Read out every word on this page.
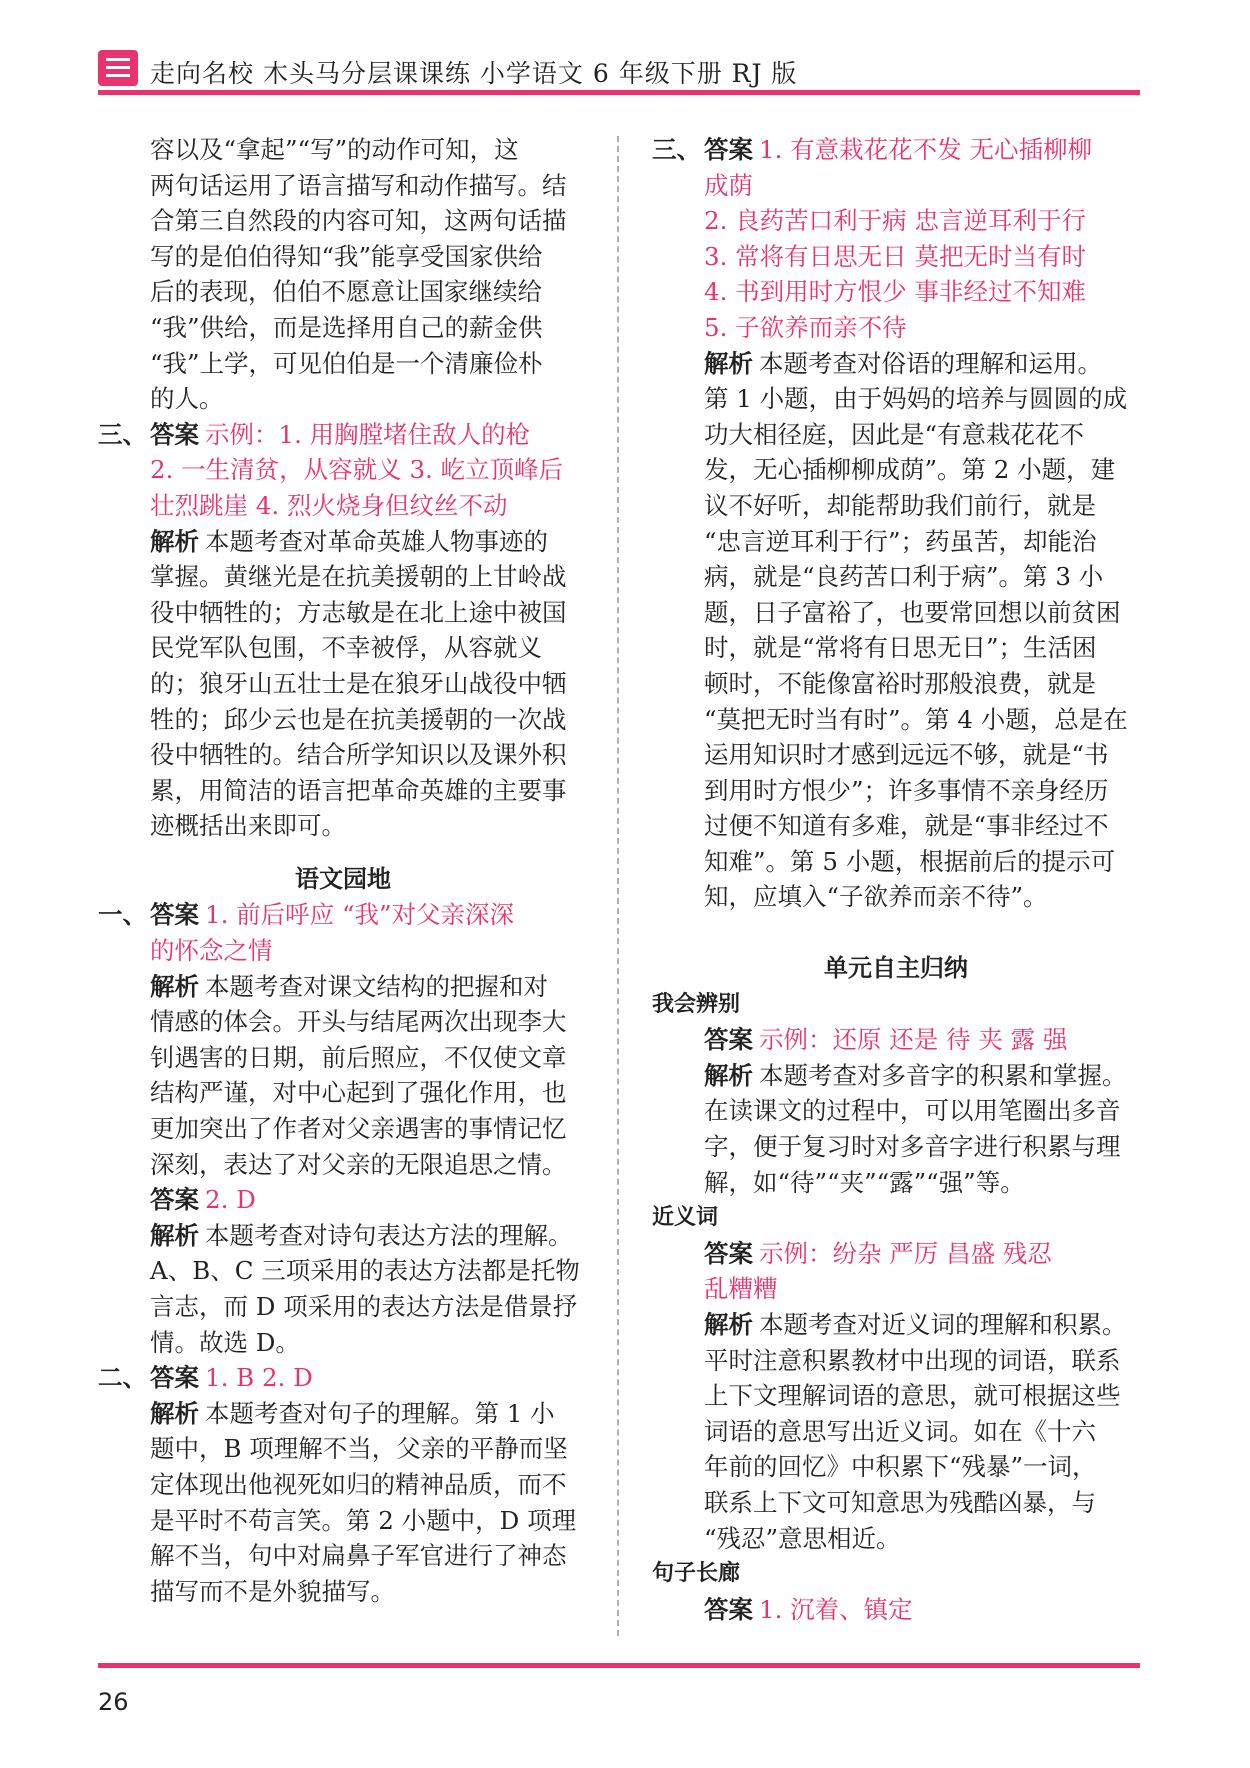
走向名校 木头马分层课课练 小学语文 6 年级下册 RJ 版
容以及“拿起”“写”的动作可知，这
两句话运用了语言描写和动作描写。结
合第三自然段的内容可知，这两句话描
写的是伯伯得知“我”能享受国家供给
后的表现，伯伯不愿意让国家继续给
“我”供给，而是选择用自己的薪金供
“我”上学，可见伯伯是一个清廉俭朴
的人。
三、 答案 示例：1. 用胸膛堵住敌人的枪
2. 一生清贫，从容就义 3. 屹立顶峰后
壮烈跳崖 4. 烈火烧身但纹丝不动
解析 本题考查对革命英雄人物事迹的
掌握。黄继光是在抗美援朝的上甘岭战
役中牺牲的；方志敏是在北上途中被国
民党军队包围，不幸被俘，从容就义
的；狼牙山五壮士是在狼牙山战役中牺
牲的；邱少云也是在抗美援朝的一次战
役中牺牲的。结合所学知识以及课外积
累，用简洁的语言把革命英雄的主要事
迹概括出来即可。
语文园地
一、 答案 1. 前后呼应 “我”对父亲深深
的怀念之情
解析 本题考查对课文结构的把握和对
情感的体会。开头与结尾两次出现李大
钊遇害的日期，前后照应，不仅使文章
结构严谨，对中心起到了强化作用，也
更加突出了作者对父亲遇害的事情记忆
深刻，表达了对父亲的无限追思之情。
答案 2. D
解析 本题考查对诗句表达方法的理解。
A、B、C 三项采用的表达方法都是托物
言志，而 D 项采用的表达方法是借景抒
情。故选 D。
二、 答案 1. B 2. D
解析 本题考查对句子的理解。第 1 小
题中，B 项理解不当，父亲的平静而坚
定体现出他视死如归的精神品质，而不
是平时不苟言笑。第 2 小题中，D 项理
解不当，句中对扁鼻子军官进行了神态
描写而不是外貌描写。
三、 答案 1. 有意栽花花不发 无心插柳柳
成荫
2. 良药苦口利于病 忠言逆耳利于行
3. 常将有日思无日 莫把无时当有时
4. 书到用时方恨少 事非经过不知难
5. 子欲养而亲不待
解析 本题考查对俗语的理解和运用。
第 1 小题，由于妈妈的培养与圆圆的成
功大相径庭，因此是“有意栽花花不
发，无心插柳柳成荫”。第 2 小题，建
议不好听，却能帮助我们前行，就是
“忠言逆耳利于行”；药虽苦，却能治
病，就是“良药苦口利于病”。第 3 小
题，日子富裕了，也要常回想以前贫困
时，就是“常将有日思无日”；生活困
顿时，不能像富裕时那般浪费，就是
“莫把无时当有时”。第 4 小题，总是在
运用知识时才感到远远不够，就是“书
到用时方恨少”；许多事情不亲身经历
过便不知道有多难，就是“事非经过不
知难”。第 5 小题，根据前后的提示可
知，应填入“子欲养而亲不待”。
单元自主归纳
我会辨别
答案 示例：还原 还是 待 夹 露 强
解析 本题考查对多音字的积累和掌握。
在读课文的过程中，可以用笔圈出多音
字，便于复习时对多音字进行积累与理
解，如“待”“夹”“露”“强”等。
近义词
答案 示例：纷杂 严厉 昌盛 残忍
乱糟糟
解析 本题考查对近义词的理解和积累。
平时注意积累教材中出现的词语，联系
上下文理解词语的意思，就可根据这些
词语的意思写出近义词。如在《十六
年前的回忆》中积累下“残暴”一词，
联系上下文可知意思为残酷凶暴，与
“残忍”意思相近。
句子长廊
答案 1. 沉着、镇定
26
